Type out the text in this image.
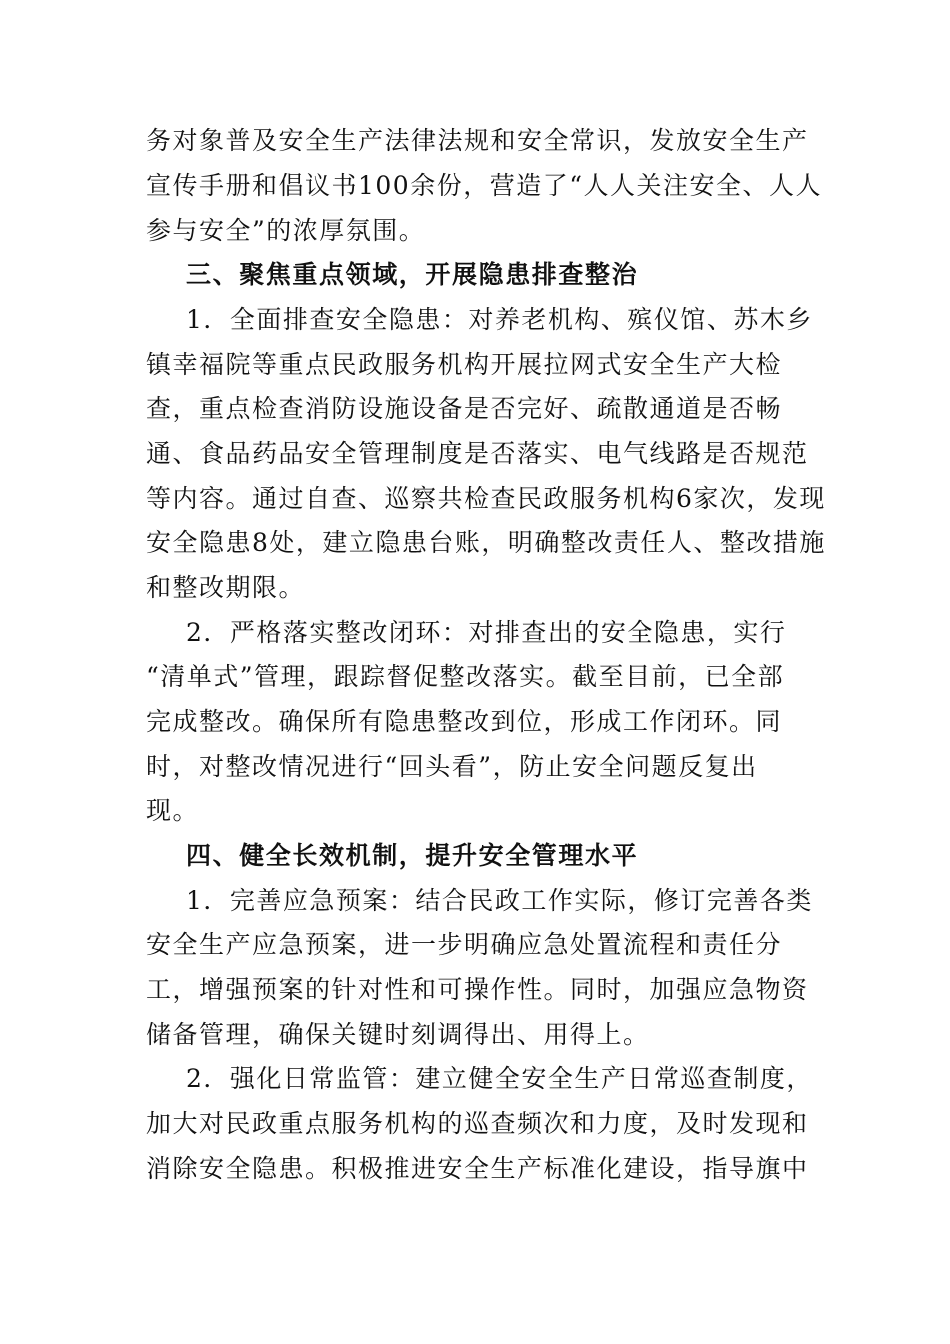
务对象普及安全生产法律法规和安全常识，发放安全生产
宣传手册和倡议书100余份，营造了“人人关注安全、人人
参与安全”的浓厚氛围。
三、聚焦重点领域，开展隐患排查整治
1．全面排查安全隐患：对养老机构、殡仪馆、苏木乡
镇幸福院等重点民政服务机构开展拉网式安全生产大检
查，重点检查消防设施设备是否完好、疏散通道是否畅
通、食品药品安全管理制度是否落实、电气线路是否规范
等内容。通过自查、巡察共检查民政服务机构6家次，发现
安全隐患8处，建立隐患台账，明确整改责任人、整改措施
和整改期限。
2．严格落实整改闭环：对排查出的安全隐患，实行
“清单式”管理，跟踪督促整改落实。截至目前，已全部
完成整改。确保所有隐患整改到位，形成工作闭环。同
时，对整改情况进行“回头看”，防止安全问题反复出
现。
四、健全长效机制，提升安全管理水平
1．完善应急预案：结合民政工作实际，修订完善各类
安全生产应急预案，进一步明确应急处置流程和责任分
工，增强预案的针对性和可操作性。同时，加强应急物资
储备管理，确保关键时刻调得出、用得上。
2．强化日常监管：建立健全安全生产日常巡查制度，
加大对民政重点服务机构的巡查频次和力度，及时发现和
消除安全隐患。积极推进安全生产标准化建设，指导旗中
